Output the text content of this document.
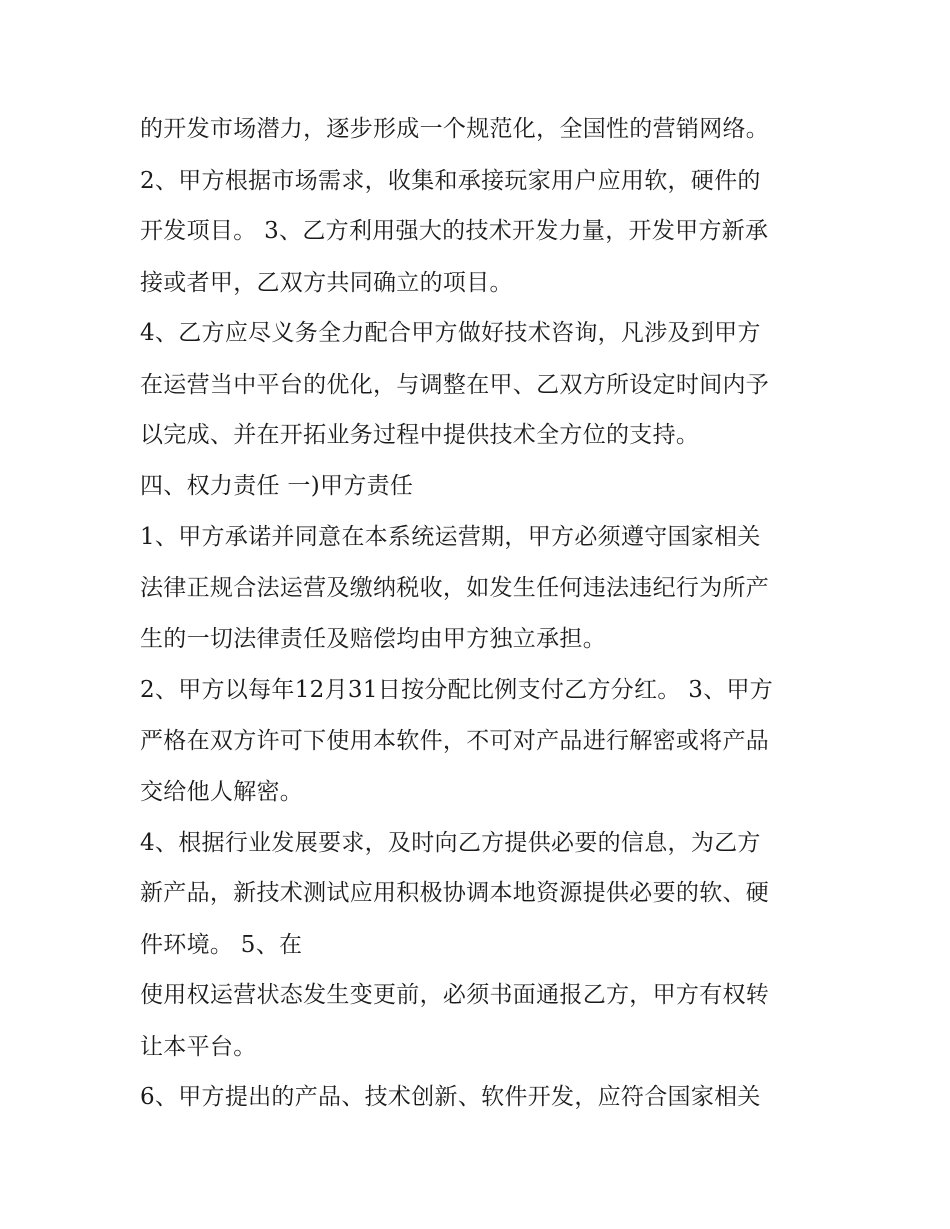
的开发市场潜力，逐步形成一个规范化，全国性的营销网络。
2、甲方根据市场需求，收集和承接玩家用户应用软，硬件的
开发项目。 3、乙方利用强大的技术开发力量，开发甲方新承
接或者甲，乙双方共同确立的项目。
4、乙方应尽义务全力配合甲方做好技术咨询，凡涉及到甲方
在运营当中平台的优化，与调整在甲、乙双方所设定时间内予
以完成、并在开拓业务过程中提供技术全方位的支持。
四、权力责任 一)甲方责任
1、甲方承诺并同意在本系统运营期，甲方必须遵守国家相关
法律正规合法运营及缴纳税收，如发生任何违法违纪行为所产
生的一切法律责任及赔偿均由甲方独立承担。
2、甲方以每年12月31日按分配比例支付乙方分红。 3、甲方
严格在双方许可下使用本软件，不可对产品进行解密或将产品
交给他人解密。
4、根据行业发展要求，及时向乙方提供必要的信息，为乙方
新产品，新技术测试应用积极协调本地资源提供必要的软、硬
件环境。 5、在
使用权运营状态发生变更前，必须书面通报乙方，甲方有权转
让本平台。
6、甲方提出的产品、技术创新、软件开发，应符合国家相关
